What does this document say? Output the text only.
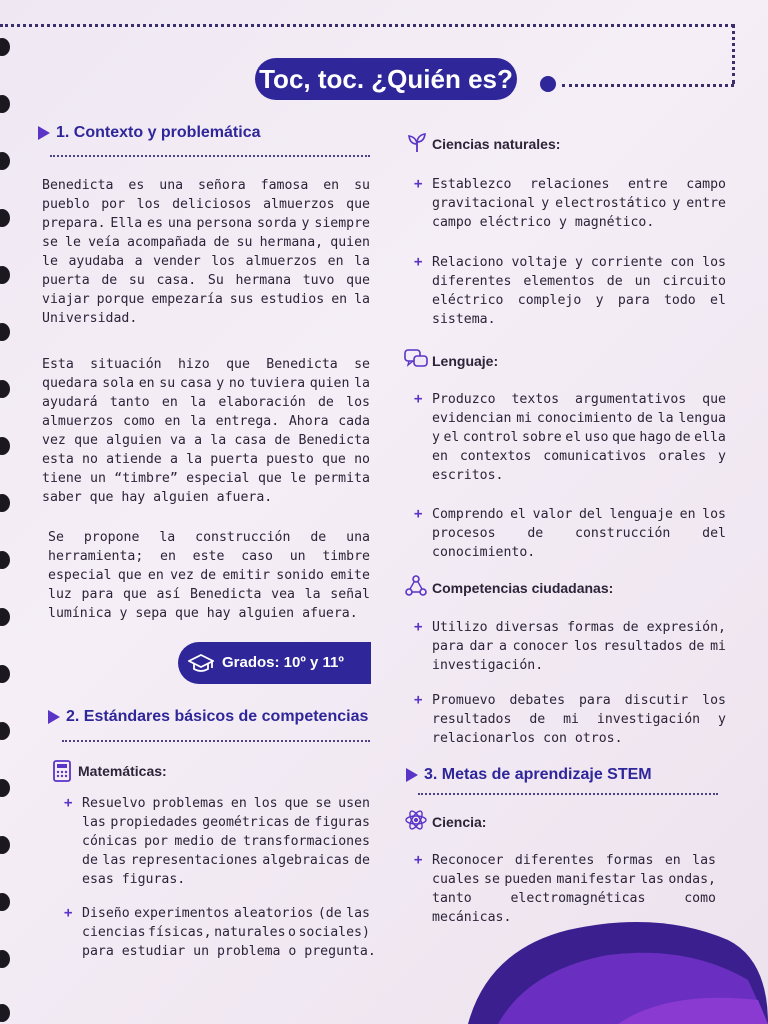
Toc, toc. ¿Quién es?
1. Contexto y problemática
Benedicta es una señora famosa en su
pueblo por los deliciosos almuerzos que
prepara. Ella es una persona sorda y siempre
se le veía acompañada de su hermana, quien
le ayudaba a vender los almuerzos en la
puerta de su casa. Su hermana tuvo que
viajar porque empezaría sus estudios en la
Universidad.
Esta situación hizo que Benedicta se
quedara sola en su casa y no tuviera quien la
ayudará tanto en la elaboración de los
almuerzos como en la entrega. Ahora cada
vez que alguien va a la casa de Benedicta
esta no atiende a la puerta puesto que no
tiene un “timbre” especial que le permita
saber que hay alguien afuera.
Se propone la construcción de una
herramienta; en este caso un timbre
especial que en vez de emitir sonido emite
luz para que así Benedicta vea la señal
lumínica y sepa que hay alguien afuera.
Grados: 10º y 11º
2. Estándares básicos de competencias
Matemáticas:
+ Resuelvo problemas en los que se usen
las propiedades geométricas de figuras
cónicas por medio de transformaciones
de las representaciones algebraicas de
esas figuras.
+ Diseño experimentos aleatorios (de las
ciencias físicas, naturales o sociales)
para estudiar un problema o pregunta.
Ciencias naturales:
+ Establezco relaciones entre campo
gravitacional y electrostático y entre
campo eléctrico y magnético.
+ Relaciono voltaje y corriente con los
diferentes elementos de un circuito
eléctrico complejo y para todo el
sistema.
Lenguaje:
+ Produzco textos argumentativos que
evidencian mi conocimiento de la lengua
y el control sobre el uso que hago de ella
en contextos comunicativos orales y
escritos.
+ Comprendo el valor del lenguaje en los
procesos de construcción del
conocimiento.
Competencias ciudadanas:
+ Utilizo diversas formas de expresión,
para dar a conocer los resultados de mi
investigación.
+ Promuevo debates para discutir los
resultados de mi investigación y
relacionarlos con otros.
3. Metas de aprendizaje STEM
Ciencia:
+ Reconocer diferentes formas en las
cuales se pueden manifestar las ondas,
tanto	electromagnéticas	como
mecánicas.
